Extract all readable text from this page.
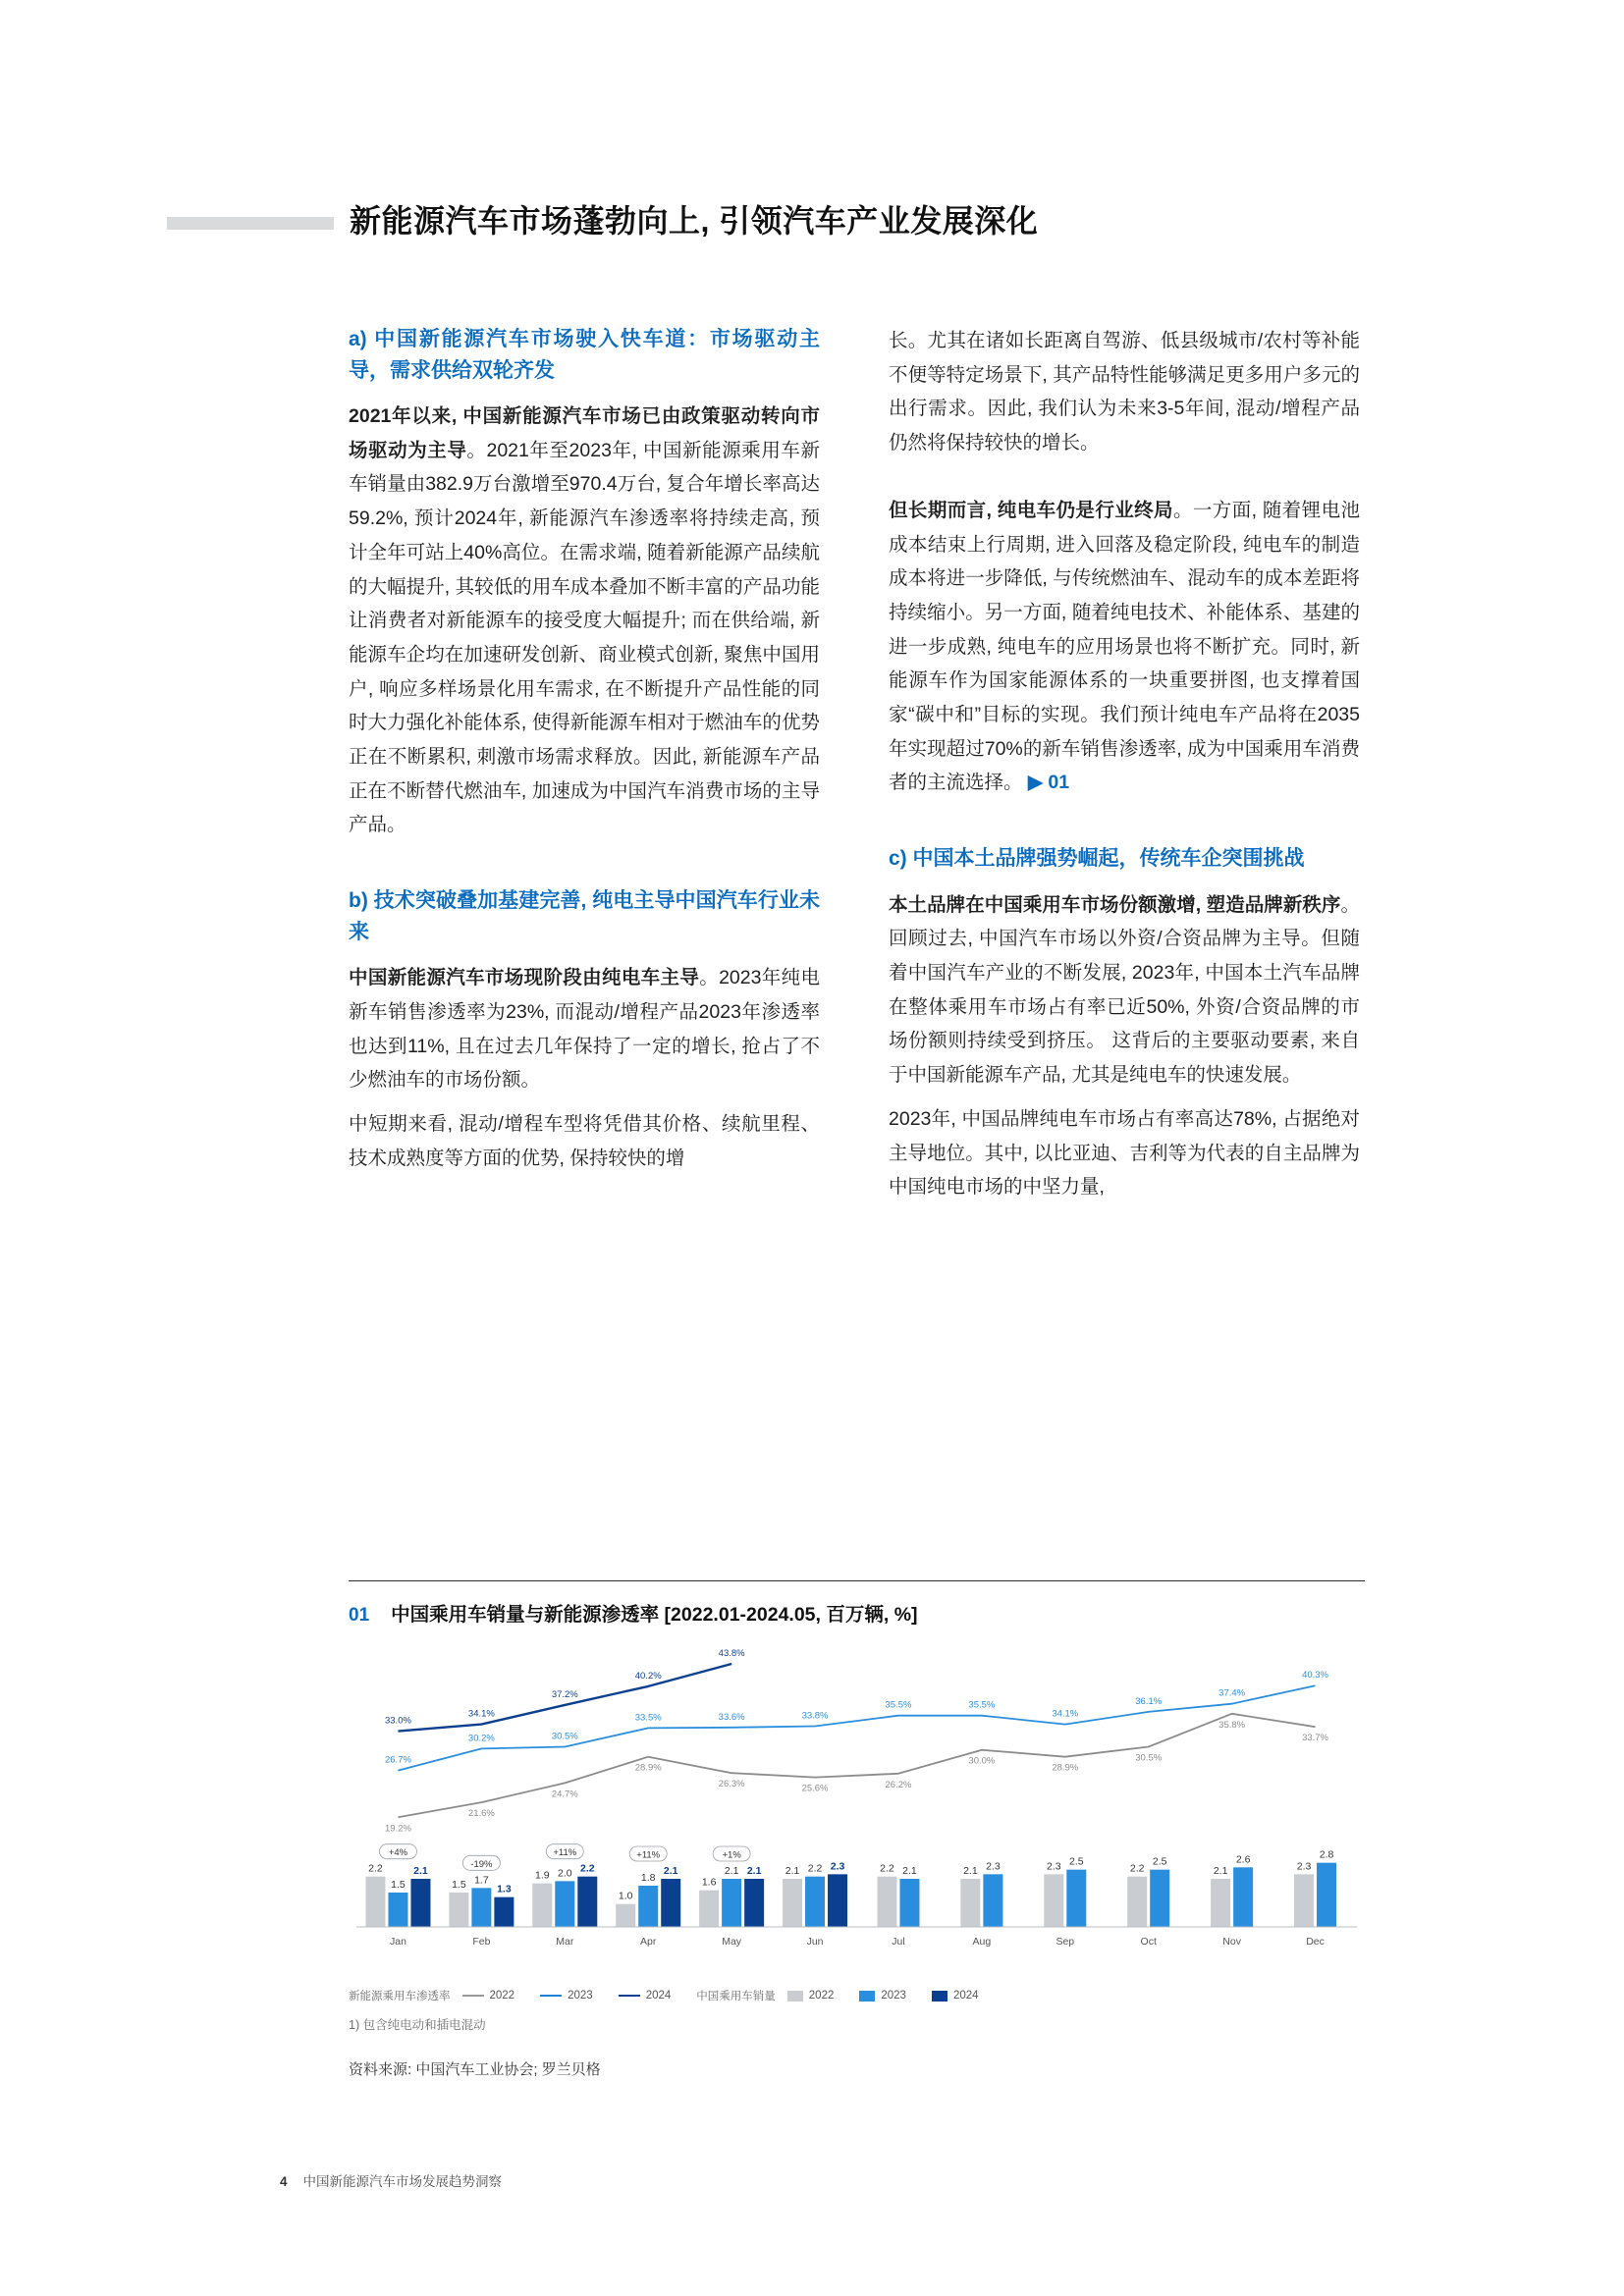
新能源汽车市场蓬勃向上, 引领汽车产业发展深化
a) 中国新能源汽车市场驶入快车道：市场驱动主导，需求供给双轮齐发

2021年以来, 中国新能源汽车市场已由政策驱动转向市场驱动为主导。2021年至2023年, 中国新能源乘用车新车销量由382.9万台激增至970.4万台, 复合年增长率高达59.2%, 预计2024年, 新能源汽车渗透率将持续走高, 预计全年可站上40%高位。在需求端, 随着新能源产品续航的大幅提升, 其较低的用车成本叠加不断丰富的产品功能让消费者对新能源车的接受度大幅提升; 而在供给端, 新能源车企均在加速研发创新、商业模式创新, 聚焦中国用户, 响应多样场景化用车需求, 在不断提升产品性能的同时大力强化补能体系, 使得新能源车相对于燃油车的优势正在不断累积, 刺激市场需求释放。因此, 新能源车产品正在不断替代燃油车, 加速成为中国汽车消费市场的主导产品。

b) 技术突破叠加基建完善, 纯电主导中国汽车行业未来

中国新能源汽车市场现阶段由纯电车主导。2023年纯电新车销售渗透率为23%, 而混动/增程产品2023年渗透率也达到11%, 且在过去几年保持了一定的增长, 抢占了不少燃油车的市场份额。

中短期来看, 混动/增程车型将凭借其价格、续航里程、技术成熟度等方面的优势, 保持较快的增

长。尤其在诸如长距离自驾游、低县级城市/农村等补能不便等特定场景下, 其产品特性能够满足更多用户多元的出行需求。因此, 我们认为未来3-5年间, 混动/增程产品仍然将保持较快的增长。

但长期而言, 纯电车仍是行业终局。一方面, 随着锂电池成本结束上行周期, 进入回落及稳定阶段, 纯电车的制造成本将进一步降低, 与传统燃油车、混动车的成本差距将持续缩小。另一方面, 随着纯电技术、补能体系、基建的进一步成熟, 纯电车的应用场景也将不断扩充。同时, 新能源车作为国家能源体系的一块重要拼图, 也支撑着国家“碳中和”目标的实现。我们预计纯电车产品将在2035年实现超过70%的新车销售渗透率, 成为中国乘用车消费者的主流选择。 ▶ 01

c) 中国本土品牌强势崛起，传统车企突围挑战

本土品牌在中国乘用车市场份额激增, 塑造品牌新秩序。回顾过去, 中国汽车市场以外资/合资品牌为主导。但随着中国汽车产业的不断发展, 2023年, 中国本土汽车品牌在整体乘用车市场占有率已近50%, 外资/合资品牌的市场份额则持续受到挤压。 这背后的主要驱动要素, 来自于中国新能源车产品, 尤其是纯电车的快速发展。

2023年, 中国品牌纯电车市场占有率高达78%, 占据绝对主导地位。其中, 以比亚迪、吉利等为代表的自主品牌为中国纯电市场的中坚力量,

01 中国乘用车销量与新能源渗透率 [2022.01-2024.05, 百万辆, %]
2.2
1.5
2.1
Jan
+4%
1.5 1.7
1.3
Feb
-19%
1.9 2.0 2.2
Mar
+11%
1.0
1.8
2.1
Apr
+11%
1.6
2.1 2.1
May
+1%
2.1 2.2 2.3
Jun
2.2 2.1
Jul
2.1 2.3
Aug
2.3 2.5
Sep
2.2
2.5
Oct
2.1
2.6
Nov
2.3
2.8
Dec
33.0%
34.1%
37.2%
40.2%
43.8%
26.7%
30.2%	30.5%
33.5%	33.6%	33.8%
35.5%	35.5%
34.1%
36.1%
37.4%
40.3%
19.2%
21.6%
24.7%
28.9%
26.3%	25.6%	26.2%
30.0%
28.9%
30.5%
35.8%
33.7%
新能源乘用车渗透率	2022	2023	2024 中国乘用车销量	2022	2023	2024
1) 包含纯电动和插电混动
资料来源: 中国汽车工业协会; 罗兰贝格
4 中国新能源汽车市场发展趋势洞察
